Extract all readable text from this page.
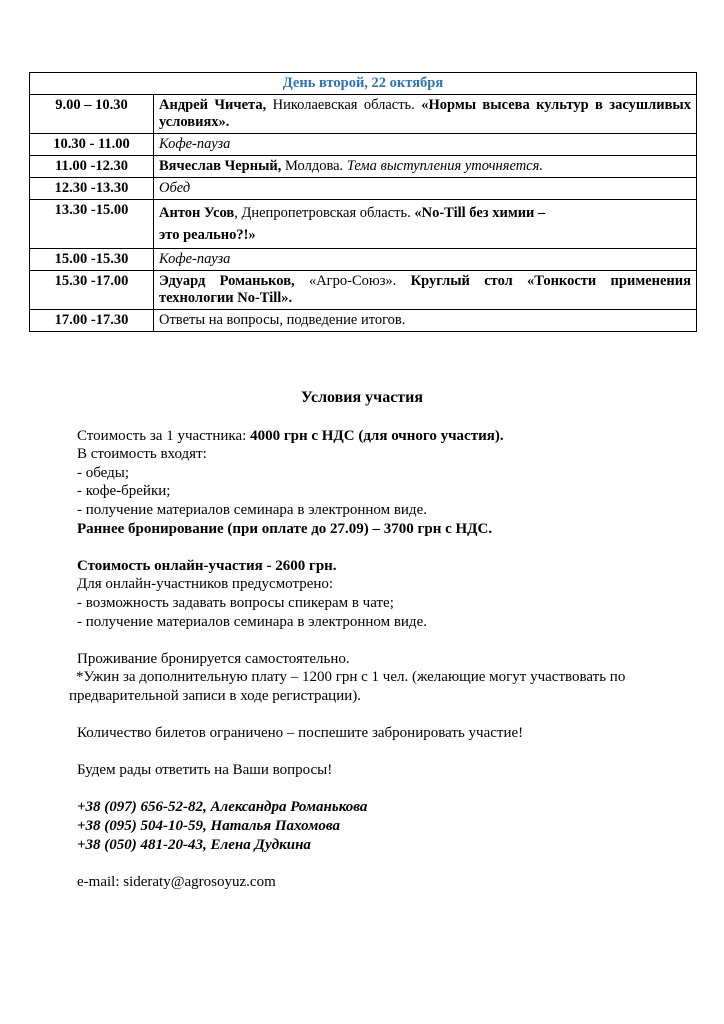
День второй, 22 октября	
9.00 – 10.30	Андрей Чичета, Николаевская область. «Нормы высева культур в засушливых условиях».
10.30 - 11.00	Кофе-пауза
11.00 -12.30	Вячеслав Черный, Молдова. Тема выступления уточняется.
12.30 -13.30	Обед
13.30 -15.00	Антон Усов, Днепропетровская область. «No-Till без химии –
это реально?!»
15.00 -15.30	Кофе-пауза
15.30 -17.00	Эдуард Романьков, «Агро-Союз». Круглый стол «Тонкости применения технологии No-Till».
17.00 -17.30	Ответы на вопросы, подведение итогов.
Условия участия
Стоимость за 1 участника: 4000 грн с НДС (для очного участия).
В стоимость входят:
- обеды;
- кофе-брейки;
- получение материалов семинара в электронном виде.
Раннее бронирование (при оплате до 27.09) – 3700 грн с НДС.
Стоимость онлайн-участия - 2600 грн.
Для онлайн-участников предусмотрено:
- возможность задавать вопросы спикерам в чате;
- получение материалов семинара в электронном виде.
Проживание бронируется самостоятельно.
*Ужин за дополнительную плату – 1200 грн с 1 чел. (желающие могут участвовать по предварительной записи в ходе регистрации).
Количество билетов ограничено – поспешите забронировать участие!
Будем рады ответить на Ваши вопросы!
+38 (097) 656-52-82, Александра Романькова
+38 (095) 504-10-59, Наталья Пахомова
+38 (050) 481-20-43, Елена Дудкина
e-mail: sideraty@agrosoyuz.com
